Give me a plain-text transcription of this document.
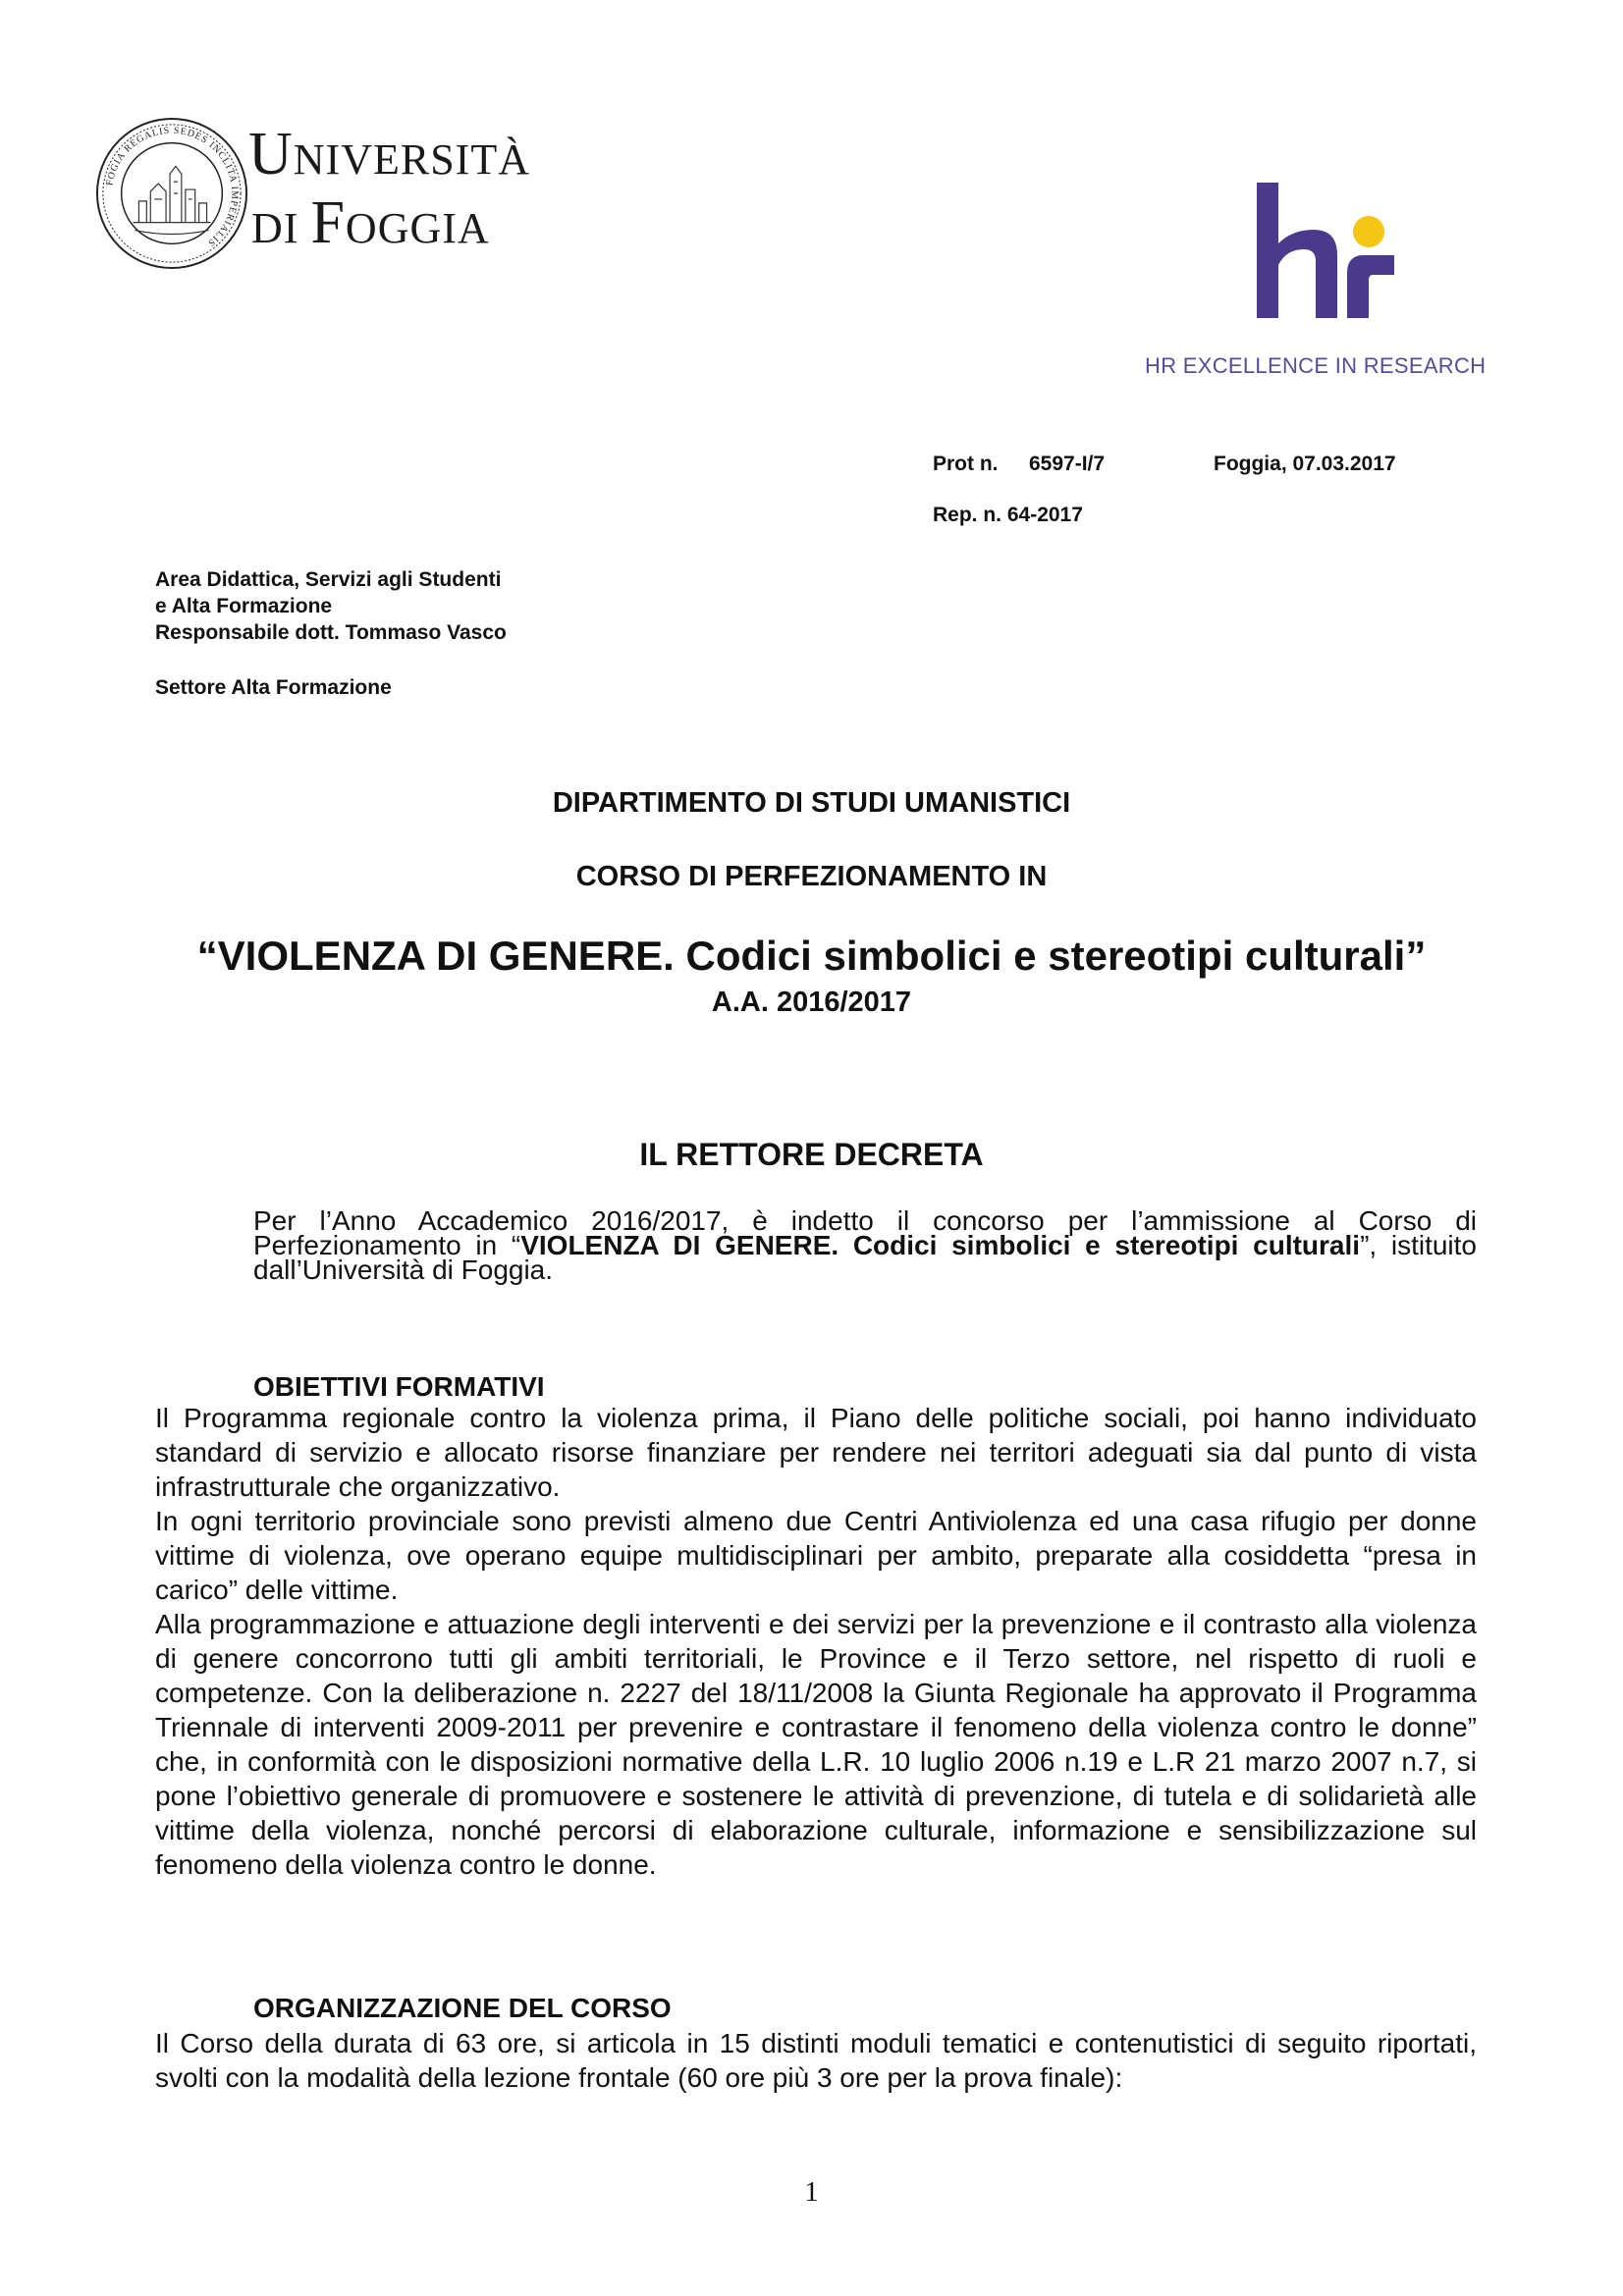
FOGIA REGALIS SEDES INCLITA IMPERIALIS
UNIVERSITÀ
DI FOGGIA
HR EXCELLENCE IN RESEARCH
Prot n. 6597-I/7	Foggia, 07.03.2017
Rep. n. 64-2017
Area Didattica, Servizi agli Studenti
e Alta Formazione
Responsabile dott. Tommaso Vasco
Settore Alta Formazione
DIPARTIMENTO DI STUDI UMANISTICI
CORSO DI PERFEZIONAMENTO IN
“VIOLENZA DI GENERE. Codici simbolici e stereotipi culturali”
A.A. 2016/2017
IL RETTORE DECRETA
Per l’Anno Accademico 2016/2017, è indetto il concorso per l’ammissione al Corso di Perfezionamento in “VIOLENZA DI GENERE. Codici simbolici e stereotipi culturali”, istituito dall’Università di Foggia.
OBIETTIVI FORMATIVI

Il Programma regionale contro la violenza prima, il Piano delle politiche sociali, poi hanno individuato standard di servizio e allocato risorse finanziare per rendere nei territori adeguati sia dal punto di vista infrastrutturale che organizzativo.

In ogni territorio provinciale sono previsti almeno due Centri Antiviolenza ed una casa rifugio per donne vittime di violenza, ove operano equipe multidisciplinari per ambito, preparate alla cosiddetta “presa in carico” delle vittime.

Alla programmazione e attuazione degli interventi e dei servizi per la prevenzione e il contrasto alla violenza di genere concorrono tutti gli ambiti territoriali, le Province e il Terzo settore, nel rispetto di ruoli e competenze. Con la deliberazione n. 2227 del 18/11/2008 la Giunta Regionale ha approvato il Programma Triennale di interventi 2009-2011 per prevenire e contrastare il fenomeno della violenza contro le donne” che, in conformità con le disposizioni normative della L.R. 10 luglio 2006 n.19 e L.R 21 marzo 2007 n.7, si pone l’obiettivo generale di promuovere e sostenere le attività di prevenzione, di tutela e di solidarietà alle vittime della violenza, nonché percorsi di elaborazione culturale, informazione e sensibilizzazione sul fenomeno della violenza contro le donne.

ORGANIZZAZIONE DEL CORSO

Il Corso della durata di 63 ore, si articola in 15 distinti moduli tematici e contenutistici di seguito riportati, svolti con la modalità della lezione frontale (60 ore più 3 ore per la prova finale):

1
